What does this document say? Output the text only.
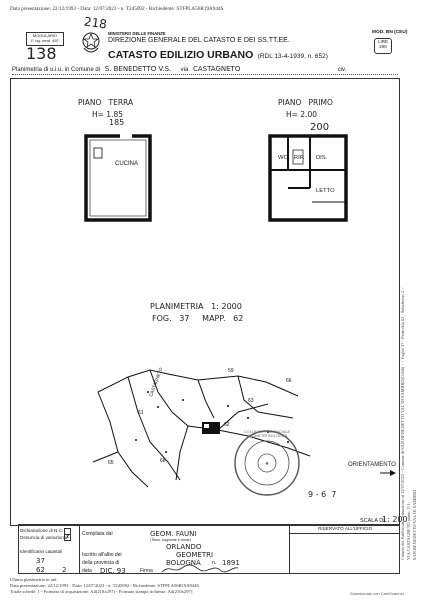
Data presentazione: 22/12/1993 - Data: 12/07/2023 - n. T245092 - Richiedente: STFPLA56R19A944S
218
138
MODULARIO
F. rig. rend. 497
MINISTERO DELLE FINANZE
DIREZIONE GENERALE DEL CATASTO E DEI SS.TT.EE.
CATASTO EDILIZIO URBANO (RDL 13-4-1939, n. 652)
MOD. BN (CEU)
LIRE
200
Planimetria di u.i.u. in Comune di S. BENEDETTO V.S. via CASTAGNETO	civ.
PIANO   TERRA
H= 1.85
185
PIANO   PRIMO
H= 2.00
200
CUCINA
WC RIP. DIS.
LETTO
PLANIMETRIA   1: 2000
FOG.   37     MAPP.   62
CASTAGNETO
62
59
63
65	68
61
66
★
COLLEGIO PROVINCIALE GEOMETRI BOLOGNA
9 - 6  7
ORIENTAMENTO
SCALA DI
1: 200
Dichiarazione di N.C.
Denuncia di variazione
✗
Identificativi catastali
37
62 2
Compilata dal	GEOM. FAUNI
(Titolo, cognome e nome)
ORLANDO
Iscritto all'albo dei	GEOMETRI
della provincia di	BOLOGNA n. 1891
data DIC. 93	Firma
RISERVATO ALL'UFFICIO
Data presentazione: 22/12/1993 - Data: 12/07/2023 - n. T245092 - Richiedente: STFPLA56R19A944S
Totale schede: 1 - Formato di acquisizione: A4(210x297) - Formato stampa richiesto: A4(210x297)
Ultima planimetria in atti
Scansionato con CamScanner
Catasto dei Fabbricati - Situazione al 12/07/2023 - Comune di SAN BENEDETTO VAL DI SAMBRO(G566) - < Foglio 37 - Particella 62 - Subalterno 2 > VIA CASTAGNETO piano: T-1; SAN BENEDETTO VAL DI SAMBRO
